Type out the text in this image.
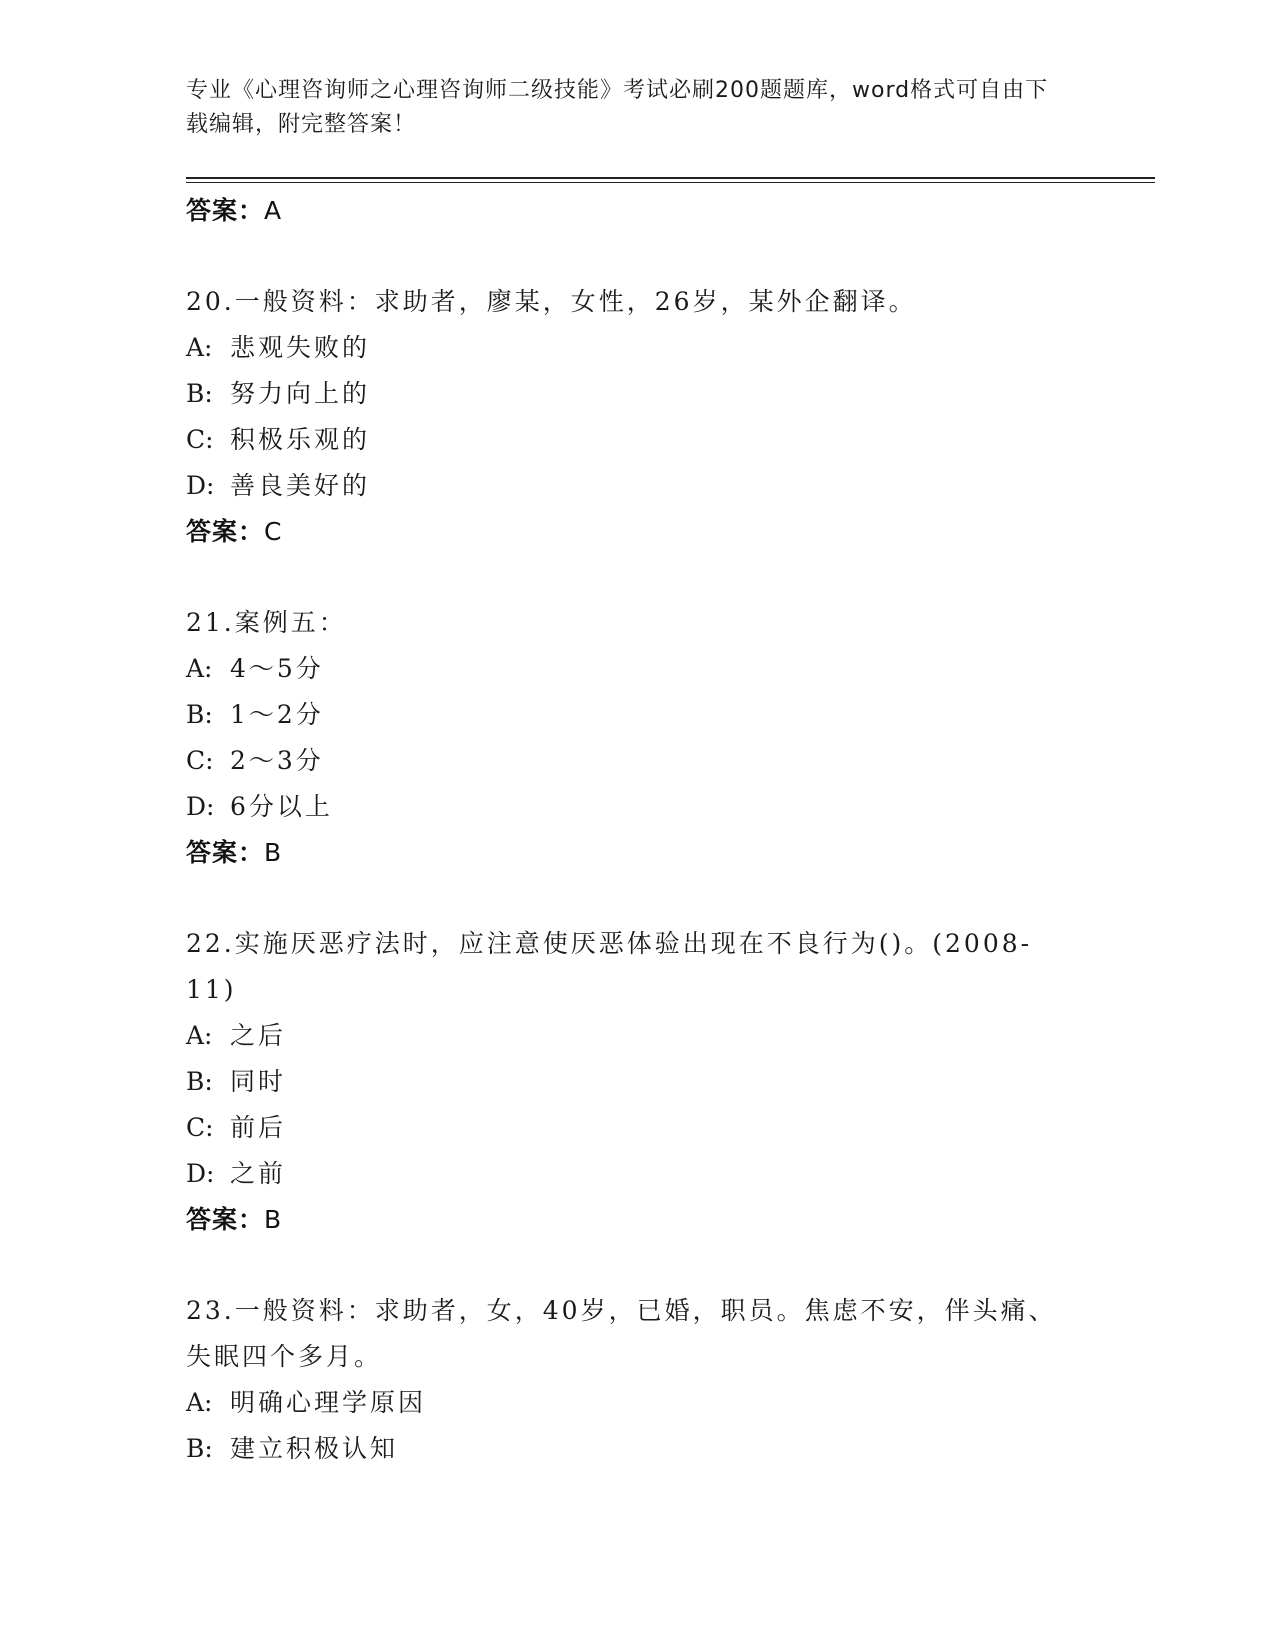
专业《心理咨询师之心理咨询师二级技能》考试必刷200题题库，word格式可自由下载编辑，附完整答案！
答案：A
20.一般资料：求助者，廖某，女性，26岁，某外企翻译。
A: 悲观失败的
B: 努力向上的
C: 积极乐观的
D: 善良美好的
答案：C
21.案例五：
A: 4～5分
B: 1～2分
C: 2～3分
D: 6分以上
答案：B
22.实施厌恶疗法时，应注意使厌恶体验出现在不良行为()。(2008-11)
A: 之后
B: 同时
C: 前后
D: 之前
答案：B
23.一般资料：求助者，女，40岁，已婚，职员。焦虑不安，伴头痛、失眠四个多月。
A: 明确心理学原因
B: 建立积极认知
